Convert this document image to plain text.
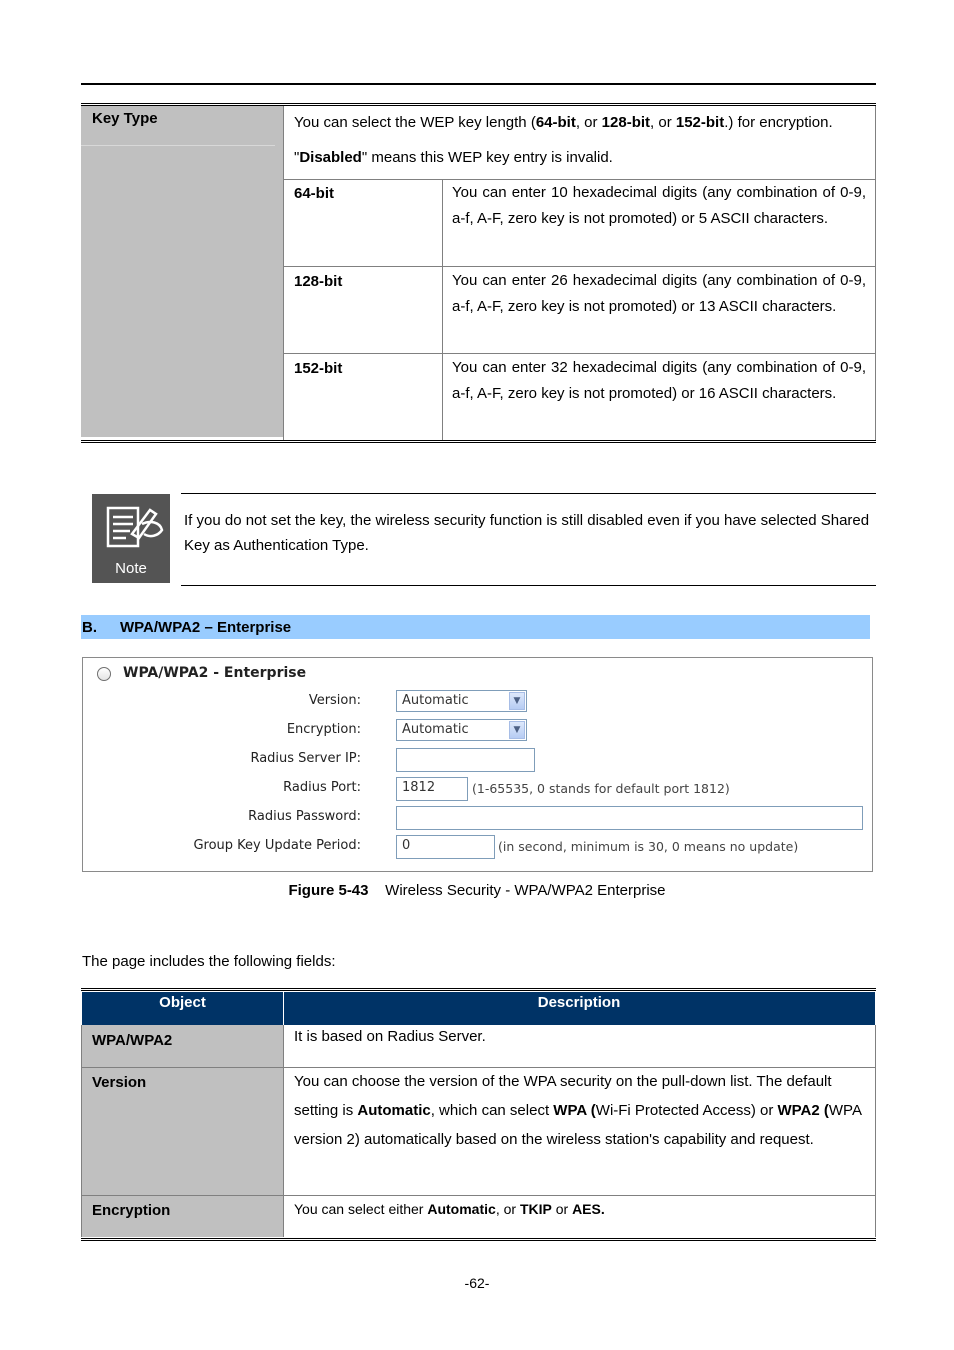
Key Type	You can select the WEP key length (64-bit, or 128-bit, or 152-bit.) for encryption.
"Disabled" means this WEP key entry is invalid.
64-bit	You can enter 10 hexadecimal digits (any combination of 0-9, a-f, A-F, zero key is not promoted) or 5 ASCII characters.
128-bit	You can enter 26 hexadecimal digits (any combination of 0-9, a-f, A-F, zero key is not promoted) or 13 ASCII characters.
152-bit	You can enter 32 hexadecimal digits (any combination of 0-9, a-f, A-F, zero key is not promoted) or 16 ASCII characters.
Note
If you do not set the key, the wireless security function is still disabled even if you have selected Shared Key as Authentication Type.
B. WPA/WPA2 – Enterprise
WPA/WPA2 - Enterprise
Version:	Automatic	▼
Encryption:	Automatic	▼
Radius Server IP:
Radius Port:	1812	(1-65535, 0 stands for default port 1812)
Radius Password:
Group Key Update Period:	0	(in second, minimum is 30, 0 means no update)
Figure 5-43 Wireless Security - WPA/WPA2 Enterprise
The page includes the following fields:
Object	Description
WPA/WPA2	It is based on Radius Server.
Version	You can choose the version of the WPA security on the pull-down list. The default setting is Automatic, which can select WPA (Wi-Fi Protected Access) or WPA2 (WPA version 2) automatically based on the wireless station's capability and request.
Encryption	You can select either Automatic, or TKIP or AES.
-62-
